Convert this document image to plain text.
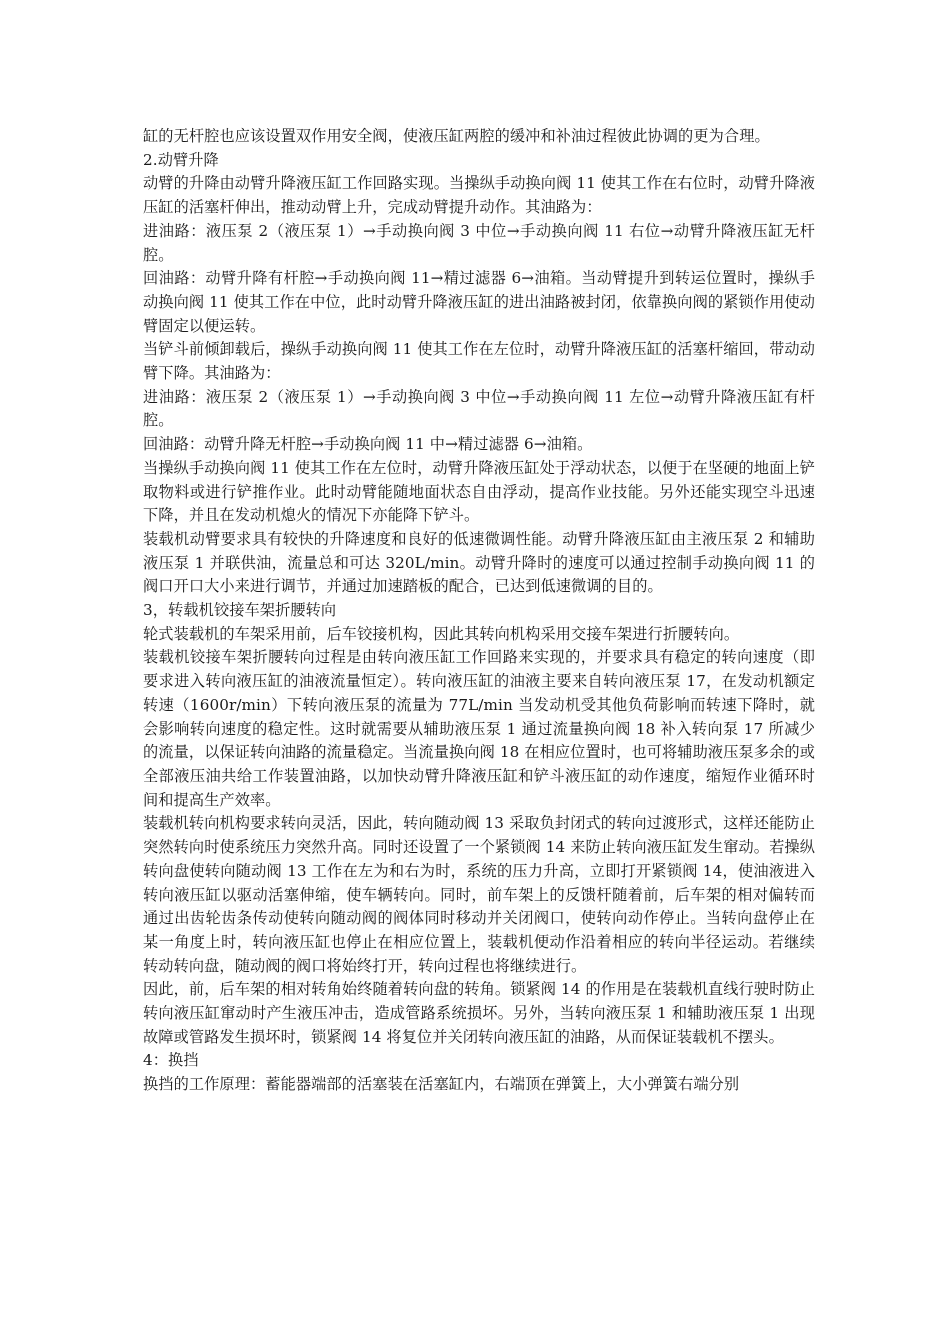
缸的无杆腔也应该设置双作用安全阀，使液压缸两腔的缓冲和补油过程彼此协调的更为合理。

2.动臂升降

动臂的升降由动臂升降液压缸工作回路实现。当操纵手动换向阀 11 使其工作在右位时，动臂升降液压缸的活塞杆伸出，推动动臂上升，完成动臂提升动作。其油路为：

进油路：液压泵 2（液压泵 1）→手动换向阀 3 中位→手动换向阀 11 右位→动臂升降液压缸无杆腔。

回油路：动臂升降有杆腔→手动换向阀 11→精过滤器 6→油箱。当动臂提升到转运位置时，操纵手动换向阀 11 使其工作在中位，此时动臂升降液压缸的进出油路被封闭，依靠换向阀的紧锁作用使动臂固定以便运转。

当铲斗前倾卸载后，操纵手动换向阀 11 使其工作在左位时，动臂升降液压缸的活塞杆缩回，带动动臂下降。其油路为：

进油路：液压泵 2（液压泵 1）→手动换向阀 3 中位→手动换向阀 11 左位→动臂升降液压缸有杆腔。

回油路：动臂升降无杆腔→手动换向阀 11 中→精过滤器 6→油箱。

当操纵手动换向阀 11 使其工作在左位时，动臂升降液压缸处于浮动状态，以便于在坚硬的地面上铲取物料或进行铲推作业。此时动臂能随地面状态自由浮动，提高作业技能。另外还能实现空斗迅速下降，并且在发动机熄火的情况下亦能降下铲斗。

装载机动臂要求具有较快的升降速度和良好的低速微调性能。动臂升降液压缸由主液压泵 2 和辅助液压泵 1 并联供油，流量总和可达 320L/min。动臂升降时的速度可以通过控制手动换向阀 11 的阀口开口大小来进行调节，并通过加速踏板的配合，已达到低速微调的目的。

3，转载机铰接车架折腰转向

轮式装载机的车架采用前，后车铰接机构，因此其转向机构采用交接车架进行折腰转向。

装载机铰接车架折腰转向过程是由转向液压缸工作回路来实现的，并要求具有稳定的转向速度（即要求进入转向液压缸的油液流量恒定）。转向液压缸的油液主要来自转向液压泵 17，在发动机额定转速（1600r/min）下转向液压泵的流量为 77L/min 当发动机受其他负荷影响而转速下降时，就会影响转向速度的稳定性。这时就需要从辅助液压泵 1 通过流量换向阀 18 补入转向泵 17 所减少的流量，以保证转向油路的流量稳定。当流量换向阀 18 在相应位置时，也可将辅助液压泵多余的或全部液压油共给工作装置油路，以加快动臂升降液压缸和铲斗液压缸的动作速度，缩短作业循环时间和提高生产效率。

装载机转向机构要求转向灵活，因此，转向随动阀 13 采取负封闭式的转向过渡形式，这样还能防止突然转向时使系统压力突然升高。同时还设置了一个紧锁阀 14 来防止转向液压缸发生窜动。若操纵转向盘使转向随动阀 13 工作在左为和右为时，系统的压力升高，立即打开紧锁阀 14，使油液进入转向液压缸以驱动活塞伸缩，使车辆转向。同时，前车架上的反馈杆随着前，后车架的相对偏转而通过出齿轮齿条传动使转向随动阀的阀体同时移动并关闭阀口，使转向动作停止。当转向盘停止在某一角度上时，转向液压缸也停止在相应位置上，装载机便动作沿着相应的转向半径运动。若继续转动转向盘，随动阀的阀口将始终打开，转向过程也将继续进行。

因此，前，后车架的相对转角始终随着转向盘的转角。锁紧阀 14 的作用是在装载机直线行驶时防止转向液压缸窜动时产生液压冲击，造成管路系统损坏。另外，当转向液压泵 1 和辅助液压泵 1 出现故障或管路发生损坏时，锁紧阀 14 将复位并关闭转向液压缸的油路，从而保证装载机不摆头。

4：换挡

换挡的工作原理：蓄能器端部的活塞装在活塞缸内，右端顶在弹簧上，大小弹簧右端分别
